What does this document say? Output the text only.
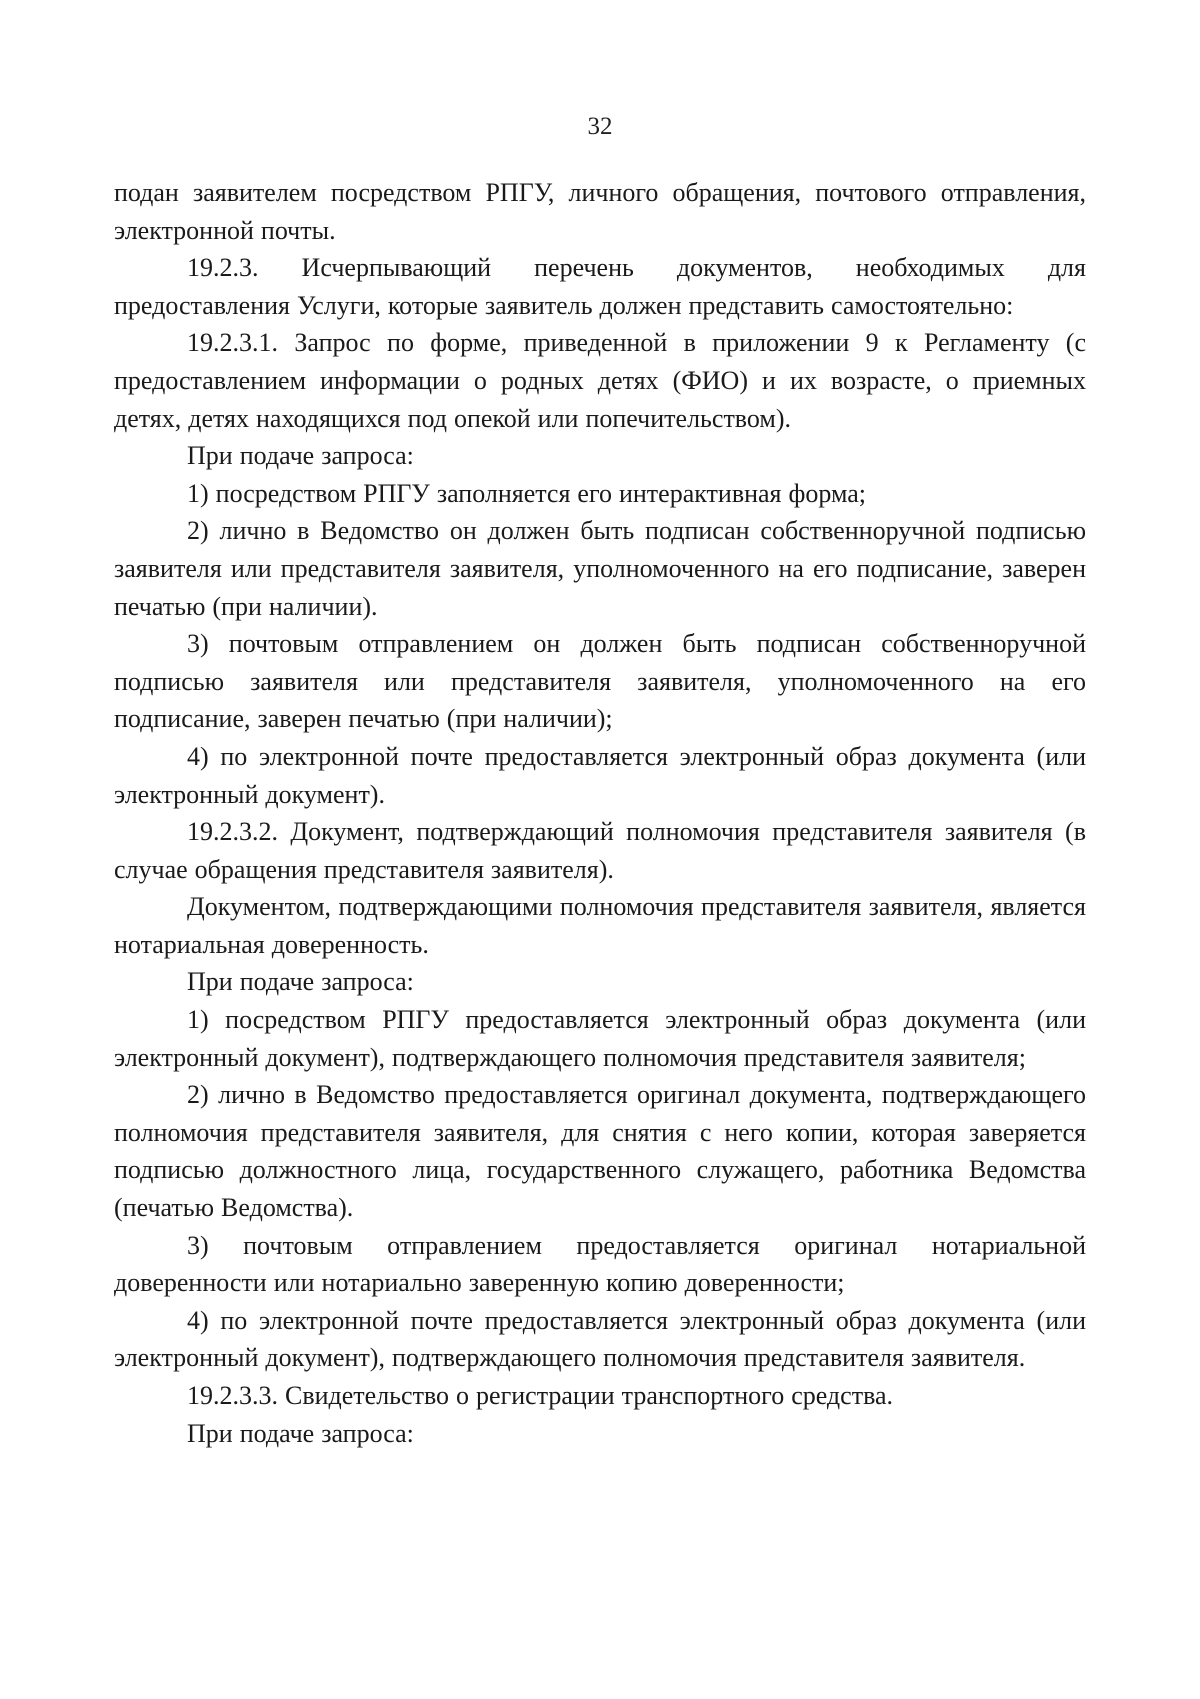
32

подан заявителем посредством РПГУ, личного обращения, почтового отправления, электронной почты.

19.2.3. Исчерпывающий перечень документов, необходимых для предоставления Услуги, которые заявитель должен представить самостоятельно:

19.2.3.1. Запрос по форме, приведенной в приложении 9 к Регламенту (с предоставлением информации о родных детях (ФИО) и их возрасте, о приемных детях, детях находящихся под опекой или попечительством).

При подаче запроса:

1) посредством РПГУ заполняется его интерактивная форма;

2) лично в Ведомство он должен быть подписан собственноручной подписью заявителя или представителя заявителя, уполномоченного на его подписание, заверен печатью (при наличии).

3) почтовым отправлением он должен быть подписан собственноручной подписью заявителя или представителя заявителя, уполномоченного на его подписание, заверен печатью (при наличии);

4) по электронной почте предоставляется электронный образ документа (или электронный документ).

19.2.3.2. Документ, подтверждающий полномочия представителя заявителя (в случае обращения представителя заявителя).

Документом, подтверждающими полномочия представителя заявителя, является нотариальная доверенность.

При подаче запроса:

1) посредством РПГУ предоставляется электронный образ документа (или электронный документ), подтверждающего полномочия представителя заявителя;

2) лично в Ведомство предоставляется оригинал документа, подтверждающего полномочия представителя заявителя, для снятия с него копии, которая заверяется подписью должностного лица, государственного служащего, работника Ведомства (печатью Ведомства).

3) почтовым отправлением предоставляется оригинал нотариальной доверенности или нотариально заверенную копию доверенности;

4) по электронной почте предоставляется электронный образ документа (или электронный документ), подтверждающего полномочия представителя заявителя.

19.2.3.3. Свидетельство о регистрации транспортного средства.

При подаче запроса:
